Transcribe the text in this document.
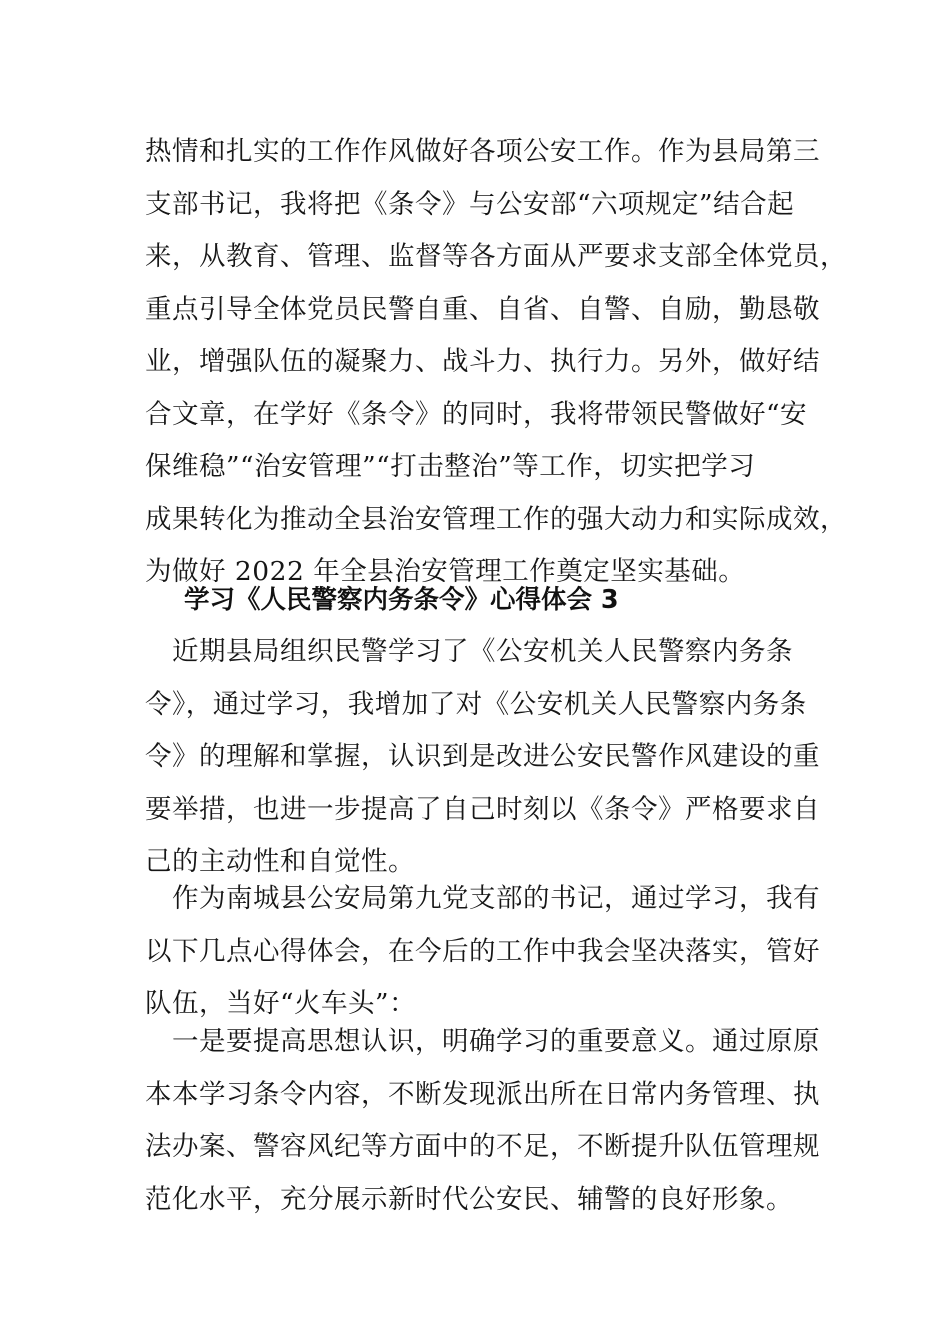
热情和扎实的工作作风做好各项公安工作。作为县局第三
支部书记，我将把《条令》与公安部“六项规定”结合起
来，从教育、管理、监督等各方面从严要求支部全体党员，
重点引导全体党员民警自重、自省、自警、自励，勤恳敬
业，增强队伍的凝聚力、战斗力、执行力。另外，做好结
合文章，在学好《条令》的同时，我将带领民警做好“安
保维稳”“治安管理”“打击整治”等工作，切实把学习
成果转化为推动全县治安管理工作的强大动力和实际成效，
为做好 2022 年全县治安管理工作奠定坚实基础。
学习《人民警察内务条令》心得体会 3
　近期县局组织民警学习了《公安机关人民警察内务条
令》，通过学习，我增加了对《公安机关人民警察内务条
令》的理解和掌握，认识到是改进公安民警作风建设的重
要举措，也进一步提高了自己时刻以《条令》严格要求自
己的主动性和自觉性。
　作为南城县公安局第九党支部的书记，通过学习，我有
以下几点心得体会，在今后的工作中我会坚决落实，管好
队伍，当好“火车头”：
　一是要提高思想认识，明确学习的重要意义。通过原原
本本学习条令内容，不断发现派出所在日常内务管理、执
法办案、警容风纪等方面中的不足，不断提升队伍管理规
范化水平，充分展示新时代公安民、辅警的良好形象。
